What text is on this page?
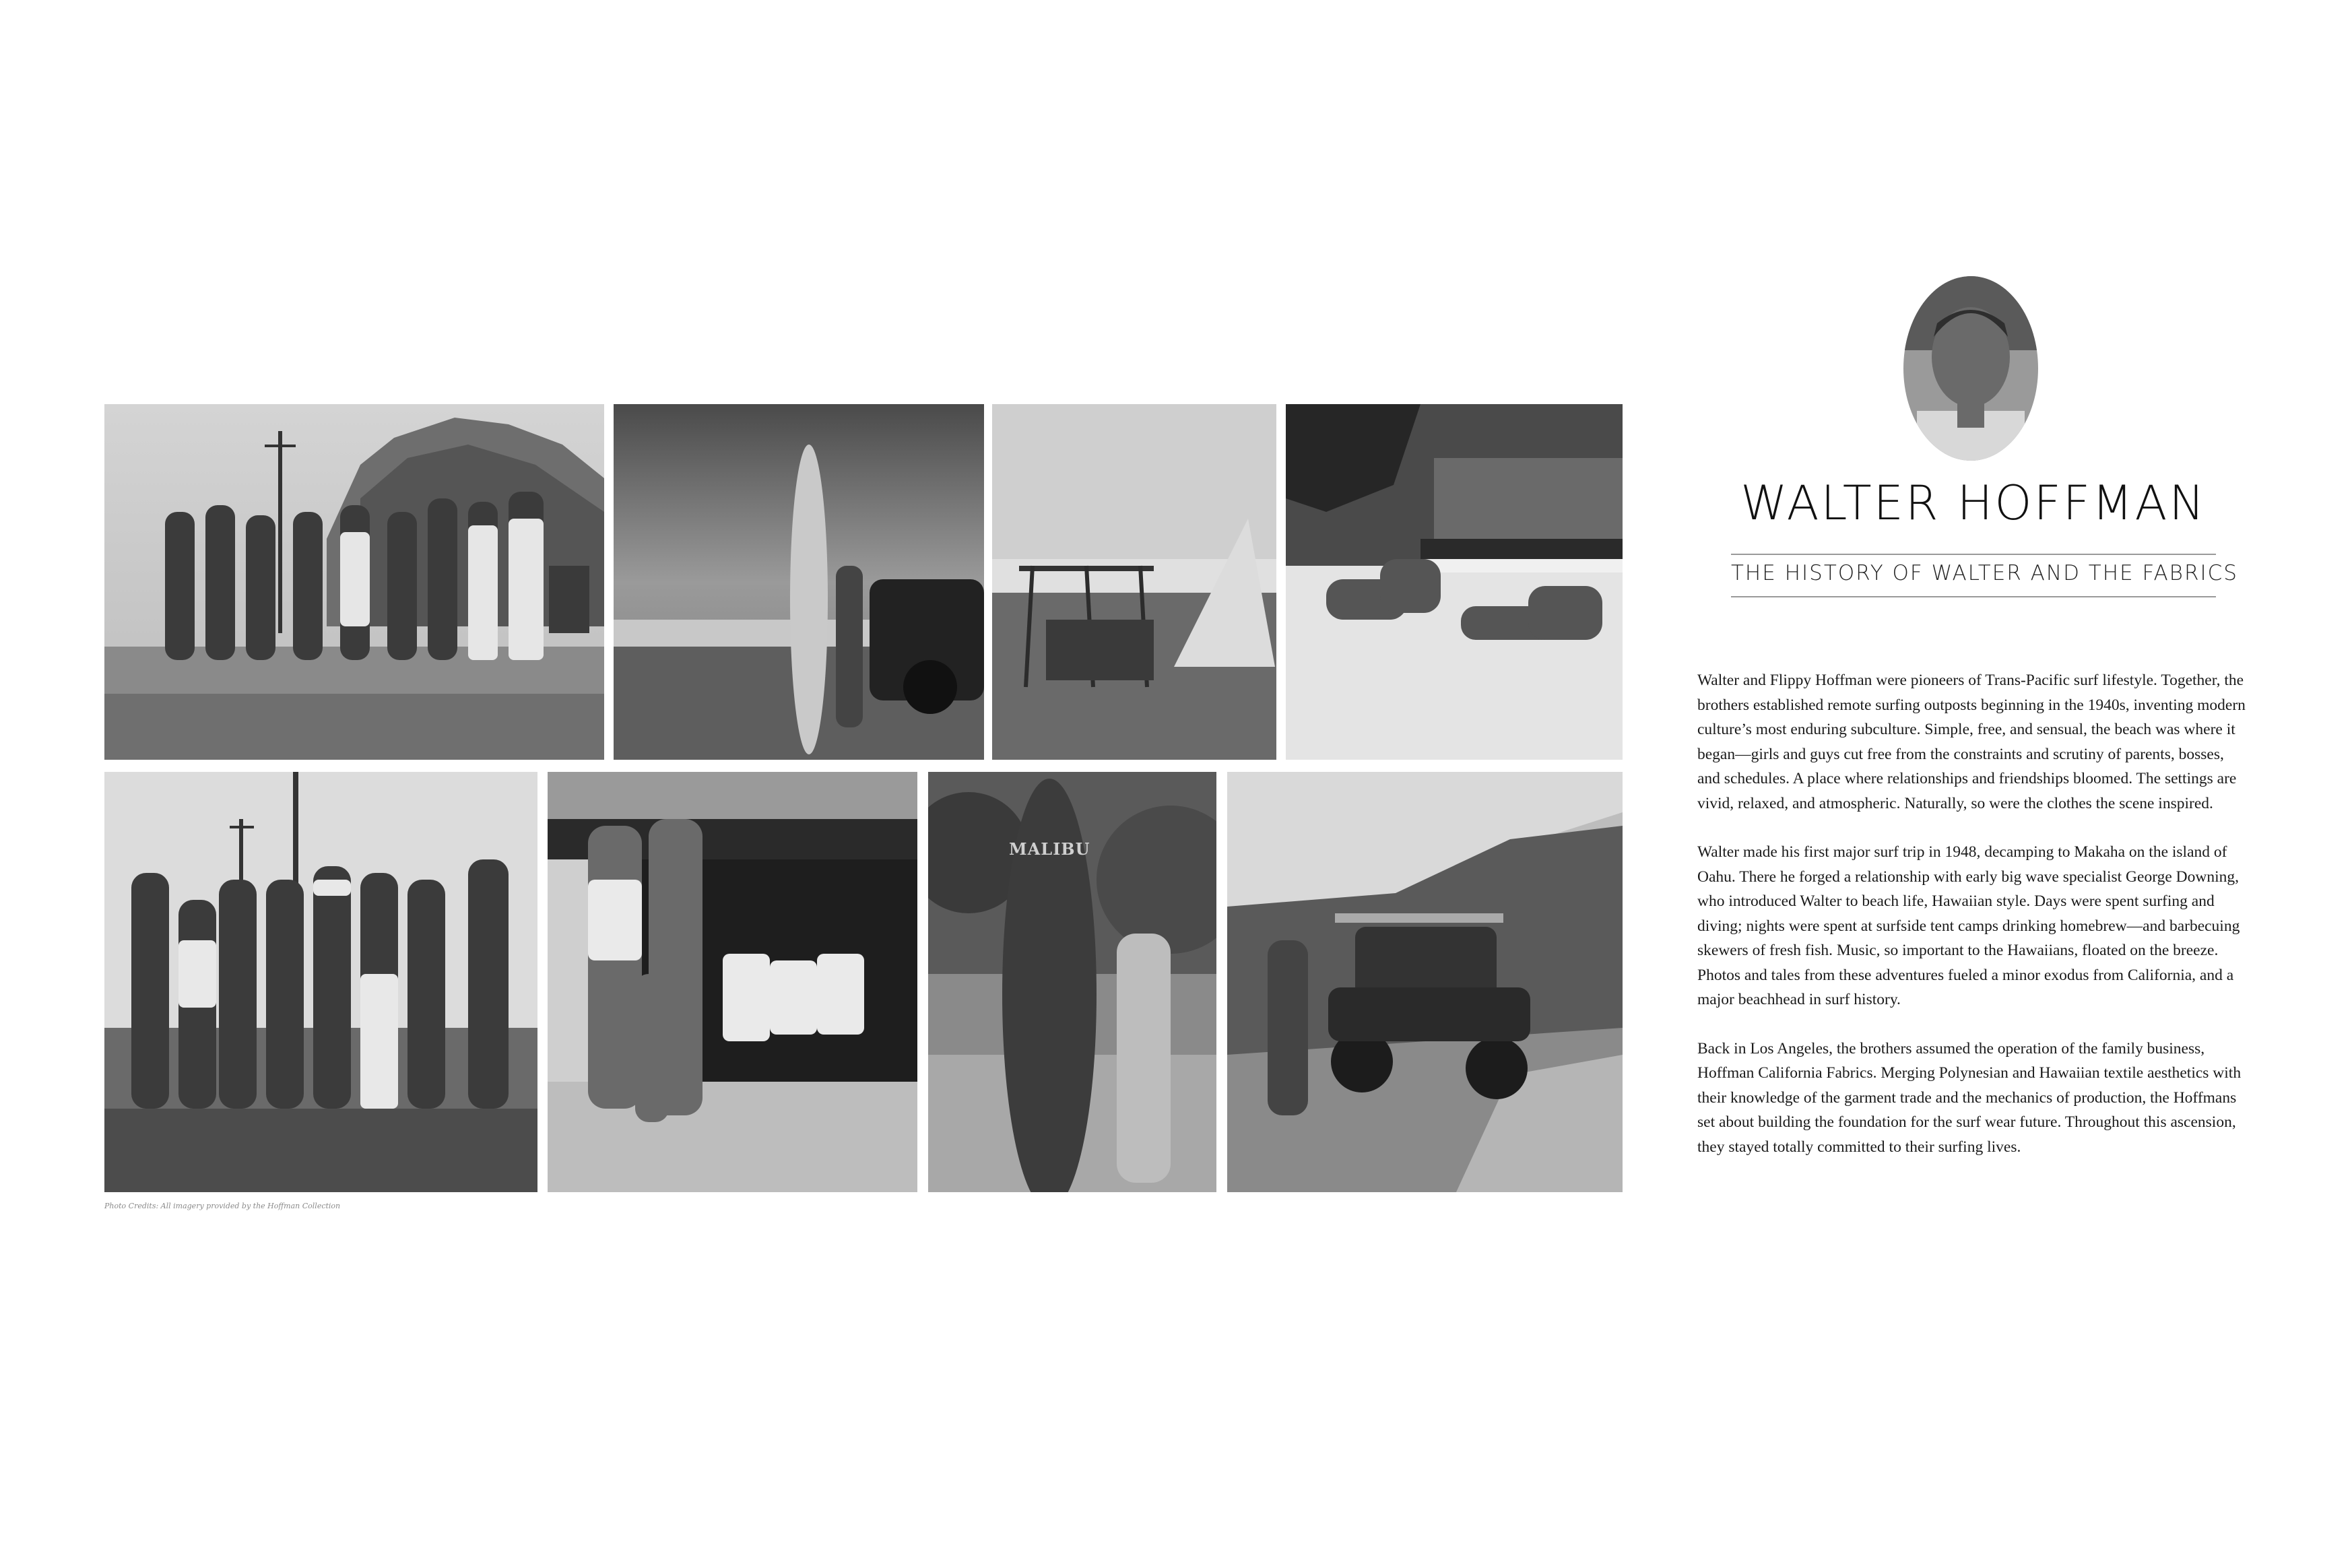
MALIBU
Photo Credits: All imagery provided by the Hoffman Collection
WALTER HOFFMAN
THE HISTORY OF WALTER AND THE FABRICS

Walter and Flippy Hoffman were pioneers of Trans-Pacific surf lifestyle. Together, the brothers established remote surfing outposts beginning in the 1940s, inventing modern culture’s most enduring subculture. Simple, free, and sensual, the beach was where it began—girls and guys cut free from the constraints and scrutiny of parents, bosses, and schedules. A place where relationships and friendships bloomed. The settings are vivid, relaxed, and atmospheric. Naturally, so were the clothes the scene inspired.

Walter made his first major surf trip in 1948, decamping to Makaha on the island of Oahu. There he forged a relationship with early big wave specialist George Downing, who introduced Walter to beach life, Hawaiian style. Days were spent surfing and diving; nights were spent at surfside tent camps drinking homebrew—and barbecuing skewers of fresh fish. Music, so important to the Hawaiians, floated on the breeze. Photos and tales from these adventures fueled a minor exodus from California, and a major beachhead in surf history.

Back in Los Angeles, the brothers assumed the operation of the family business, Hoffman California Fabrics. Merging Polynesian and Hawaiian textile aesthetics with their knowledge of the garment trade and the mechanics of production, the Hoffmans set about building the foundation for the surf wear future. Throughout this ascension, they stayed totally committed to their surfing lives.
